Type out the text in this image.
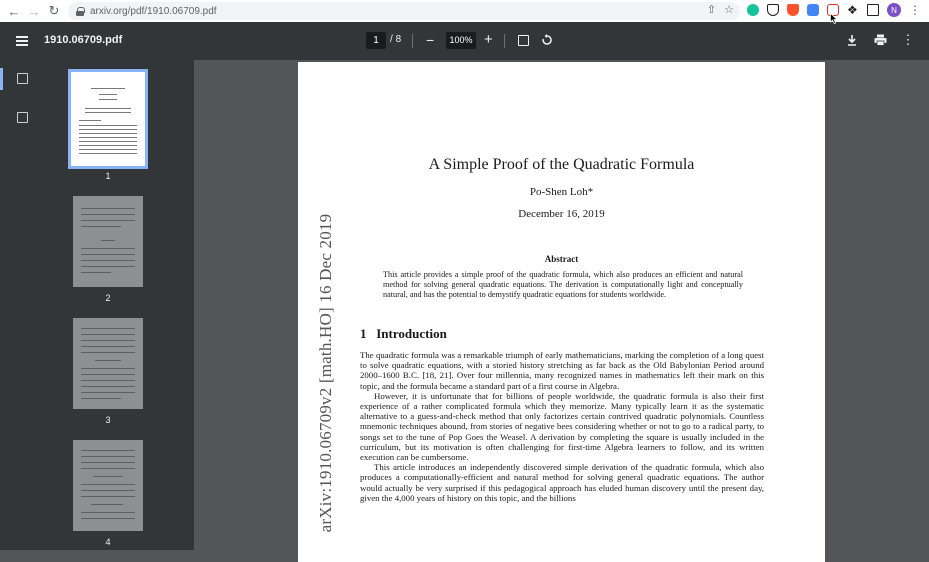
← → ↻	arxiv.org/pdf/1910.06709.pdf	⇧ ☆	❖	N	⋮
1910.06709.pdf	1	/ 8 −	100% +	⋮
1
2
3
4
arXiv:1910.06709v2 [math.HO] 16 Dec 2019
A Simple Proof of the Quadratic Formula
Po-Shen Loh*
December 16, 2019
Abstract
This article provides a simple proof of the quadratic formula, which also produces an efficient and natural method for solving general quadratic equations. The derivation is computationally light and conceptually natural, and has the potential to demystify quadratic equations for students worldwide.
1 Introduction

The quadratic formula was a remarkable triumph of early mathematicians, marking the completion of a long quest to solve quadratic equations, with a storied history stretching as far back as the Old Babylonian Period around 2000–1600 B.C. [18, 21]. Over four millennia, many recognized names in mathematics left their mark on this topic, and the formula became a standard part of a first course in Algebra.

However, it is unfortunate that for billions of people worldwide, the quadratic formula is also their first experience of a rather complicated formula which they memorize. Many typically learn it as the systematic alternative to a guess-and-check method that only factorizes certain contrived quadratic polynomials. Countless mnemonic techniques abound, from stories of negative bees considering whether or not to go to a radical party, to songs set to the tune of Pop Goes the Weasel. A derivation by completing the square is usually included in the curriculum, but its motivation is often challenging for first-time Algebra learners to follow, and its written execution can be cumbersome.

This article introduces an independently discovered simple derivation of the quadratic formula, which also produces a computationally-efficient and natural method for solving general quadratic equations. The author would actually be very surprised if this pedagogical approach has eluded human discovery until the present day, given the 4,000 years of history on this topic, and the billions
